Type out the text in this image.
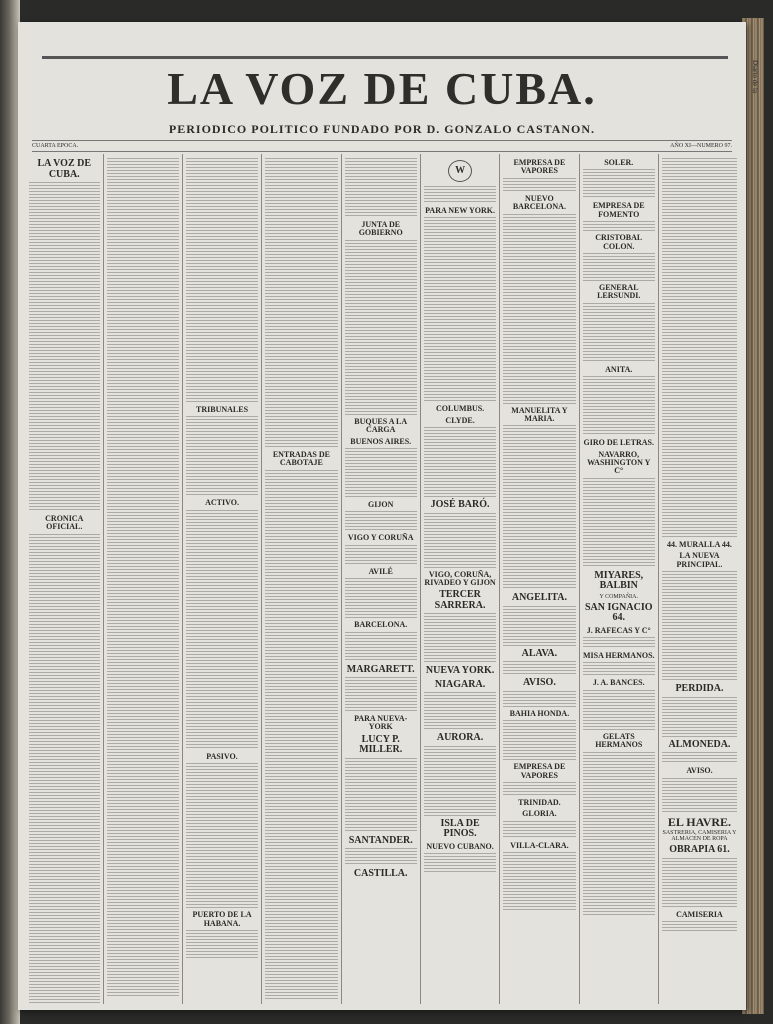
Diario de la
LA VOZ DE CUBA.
PERIODICO POLITICO FUNDADO POR D. GONZALO CASTANON.
CUARTA EPOCA.	AÑO XI—NUMERO 97.
LA VOZ DE CUBA.
CRONICA OFICIAL.
TRIBUNALES
ACTIVO.
PASIVO.
PUERTO DE LA HABANA.
ENTRADAS DE CABOTAJE
JUNTA DE GOBIERNO
BUQUES A LA CARGA
BUENOS AIRES.
GIJON
VIGO Y CORUÑA
AVILÉ
BARCELONA.
MARGARETT.
PARA NUEVA-YORK
LUCY P. MILLER.
SANTANDER.
CASTILLA.
W
PARA NEW YORK.
COLUMBUS.
CLYDE.
JOSÉ BARÓ.
VIGO, CORUÑA, RIVADEO Y GIJON
TERCER SARRERA.
NUEVA YORK.
NIAGARA.
AURORA.
ISLA DE PINOS.
NUEVO CUBANO.
EMPRESA DE VAPORES
NUEVO BARCELONA.
MANUELITA Y MARIA.
ANGELITA.
ALAVA.
AVISO.
BAHIA HONDA.
EMPRESA DE VAPORES
TRINIDAD.
GLORIA.
VILLA-CLARA.
SOLER.
EMPRESA DE FOMENTO
CRISTOBAL COLON.
GENERAL LERSUNDI.
ANITA.
GIRO DE LETRAS.
NAVARRO, WASHINGTON Y C°
MIYARES, BALBIN
Y COMPAÑIA.
SAN IGNACIO 64.
J. RAFECAS Y C°
MISA HERMANOS.
J. A. BANCES.
GELATS HERMANOS
44. MURALLA 44.
LA NUEVA PRINCIPAL.
PERDIDA.
ALMONEDA.
AVISO.
EL HAVRE.
SASTRERIA, CAMISERIA Y ALMACEN DE ROPA
OBRAPIA 61.
CAMISERIA
